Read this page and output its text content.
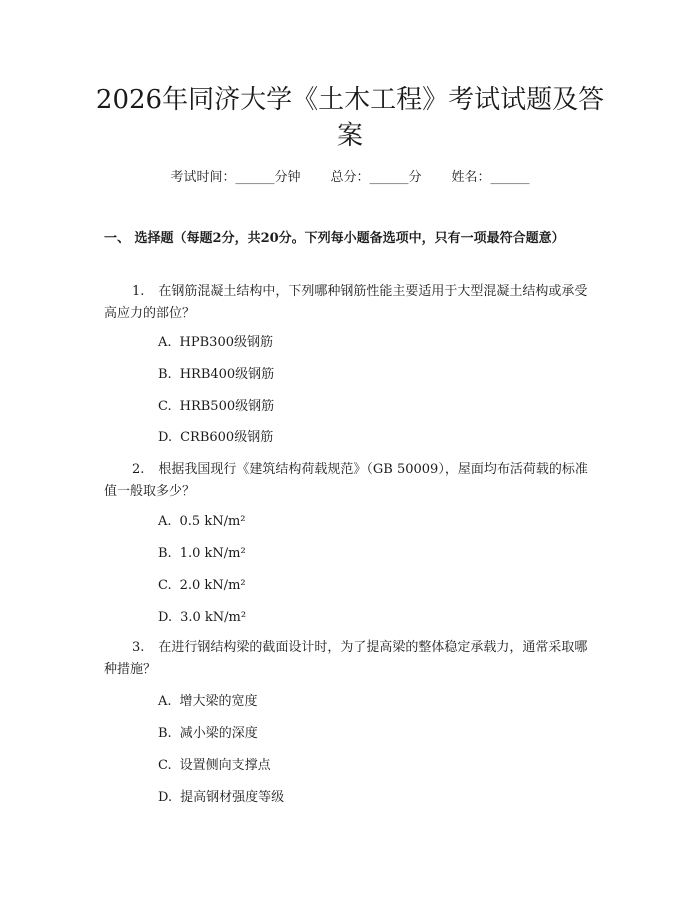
2026年同济大学《土木工程》考试试题及答案
考试时间：______分钟 总分：______分 姓名：______

一、 选择题（每题2分，共20分。下列每小题备选项中，只有一项最符合题意）

1. 在钢筋混凝土结构中，下列哪种钢筋性能主要适用于大型混凝土结构或承受高应力的部位？

A. HPB300级钢筋

B. HRB400级钢筋

C. HRB500级钢筋

D. CRB600级钢筋

2. 根据我国现行《建筑结构荷载规范》（GB 50009），屋面均布活荷载的标准值一般取多少？

A. 0.5 kN/m²

B. 1.0 kN/m²

C. 2.0 kN/m²

D. 3.0 kN/m²

3. 在进行钢结构梁的截面设计时，为了提高梁的整体稳定承载力，通常采取哪种措施？

A. 增大梁的宽度

B. 减小梁的深度

C. 设置侧向支撑点

D. 提高钢材强度等级
